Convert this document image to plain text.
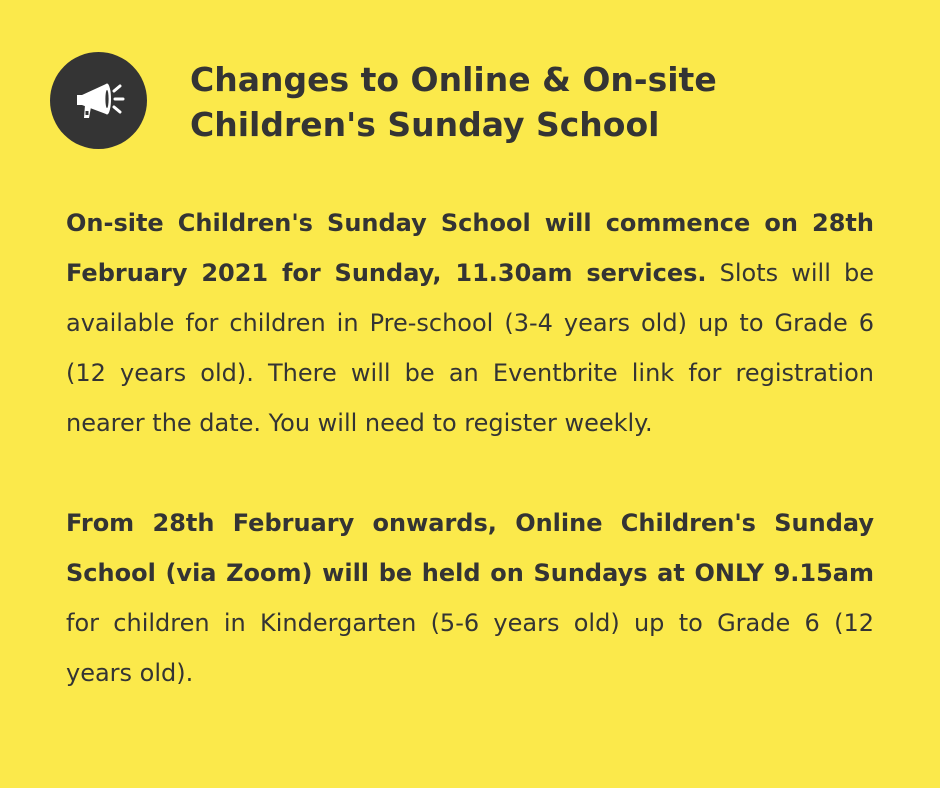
Changes to Online & On-site
Children's Sunday School

On-site Children's Sunday School will commence on 28th February 2021 for Sunday, 11.30am services. Slots will be available for children in Pre-school (3-4 years old) up to Grade 6 (12 years old). There will be an Eventbrite link for registration nearer the date. You will need to register weekly.

From 28th February onwards, Online Children's Sunday School (via Zoom) will be held on Sundays at ONLY 9.15am for children in Kindergarten (5-6 years old) up to Grade 6 (12 years old).
